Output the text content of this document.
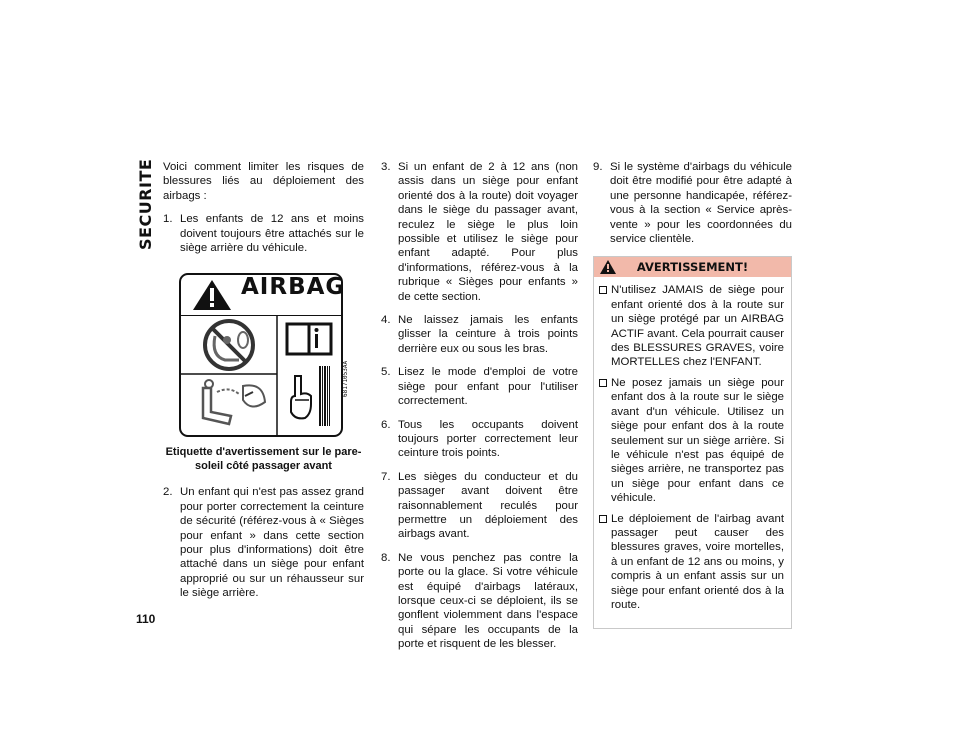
SECURITE
110

Voici comment limiter les risques de blessures liés au déploiement des airbags :

1. Les enfants de 12 ans et moins doivent toujours être attachés sur le siège arrière du véhicule.
AIRBAG
68171053AA
Etiquette d'avertissement sur le pare-soleil côté passager avant
2. Un enfant qui n'est pas assez grand pour porter correctement la ceinture de sécurité (référez-vous à « Sièges pour enfant » dans cette section pour plus d'informations) doit être attaché dans un siège pour enfant approprié ou sur un réhausseur sur le siège arrière.
3. Si un enfant de 2 à 12 ans (non assis dans un siège pour enfant orienté dos à la route) doit voyager dans le siège du passager avant, reculez le siège le plus loin possible et utilisez le siège pour enfant adapté. Pour plus d'informations, référez-vous à la rubrique « Sièges pour enfants » de cette section.
4. Ne laissez jamais les enfants glisser la ceinture à trois points derrière eux ou sous les bras.
5. Lisez le mode d'emploi de votre siège pour enfant pour l'utiliser correctement.
6. Tous les occupants doivent toujours porter correctement leur ceinture trois points.
7. Les sièges du conducteur et du passager avant doivent être raisonnablement reculés pour permettre un déploiement des airbags avant.
8. Ne vous penchez pas contre la porte ou la glace. Si votre véhicule est équipé d'airbags latéraux, lorsque ceux-ci se déploient, ils se gonflent violemment dans l'espace qui sépare les occupants de la porte et risquent de les blesser.
9. Si le système d'airbags du véhicule doit être modifié pour être adapté à une personne handicapée, référez-vous à la section « Service après-vente » pour les coordonnées du service clientèle.
AVERTISSEMENT!
N'utilisez JAMAIS de siège pour enfant orienté dos à la route sur un siège protégé par un AIRBAG ACTIF avant. Cela pourrait causer des BLESSURES GRAVES, voire MORTELLES chez l'ENFANT.
Ne posez jamais un siège pour enfant dos à la route sur le siège avant d'un véhicule. Utilisez un siège pour enfant dos à la route seulement sur un siège arrière. Si le véhicule n'est pas équipé de sièges arrière, ne transportez pas un siège pour enfant dans ce véhicule.
Le déploiement de l'airbag avant passager peut causer des blessures graves, voire mortelles, à un enfant de 12 ans ou moins, y compris à un enfant assis sur un siège pour enfant orienté dos à la route.
